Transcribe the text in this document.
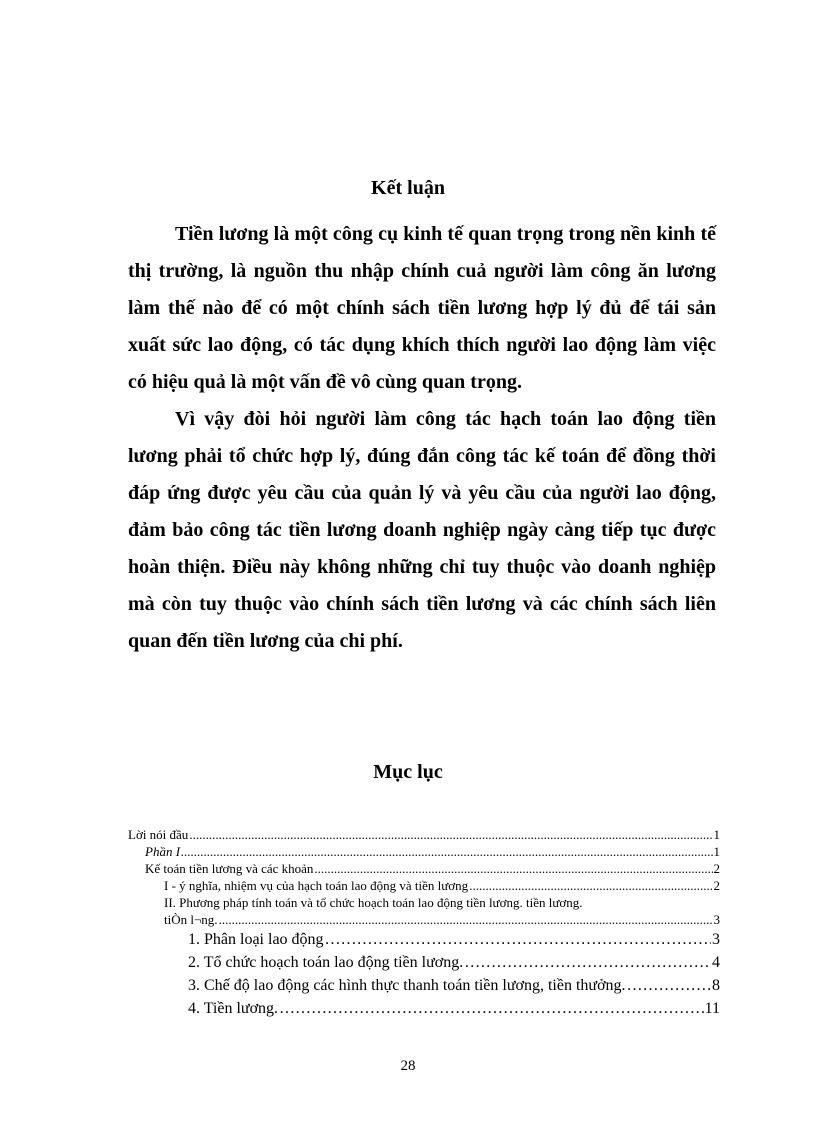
Kết luận

Tiền lương là một công cụ kinh tế quan trọng trong nền kinh tế thị trường, là nguồn thu nhập chính cuả người làm công ăn lương làm thế nào để có một chính sách tiền lương hợp lý đủ để tái sản xuất sức lao động, có tác dụng khích thích người lao động làm việc có hiệu quả là một vấn đề vô cùng quan trọng.

Vì vậy đòi hỏi người làm công tác hạch toán lao động tiền lương phải tổ chức hợp lý, đúng đắn công tác kế toán để đồng thời đáp ứng được yêu cầu của quản lý và yêu cầu của người lao động, đảm bảo công tác tiền lương doanh nghiệp ngày càng tiếp tục được hoàn thiện. Điều này không những chỉ tuy thuộc vào doanh nghiệp mà còn tuy thuộc vào chính sách tiền lương và các chính sách liên quan đến tiền lương của chi phí.

Mục lục
Lời nói đầu .....	1
Phần I .....	1
Kế toán tiền lương và các khoản .....	2
I - ý nghĩa, nhiệm vụ của hạch toán lao động và tiền lương .....	2
II. Phương pháp tính toán và tổ chức hoạch toán lao động tiền lương. tiền lương.
tiÒn l¬ng. .....	3
1. Phân loại lao động …………………………………………………………………………………………………………………………………………………………	3
2. Tổ chức hoạch toán lao động tiền lương. …………………………………………………………………………………………………………………………………………………………	4
3. Chế độ lao động các hình thực thanh toán tiền lương, tiền thưởng. …………………………………………………………………………………………………………………………………………………………	8
4. Tiền lương. …………………………………………………………………………………………………………………………………………………………	11
28
